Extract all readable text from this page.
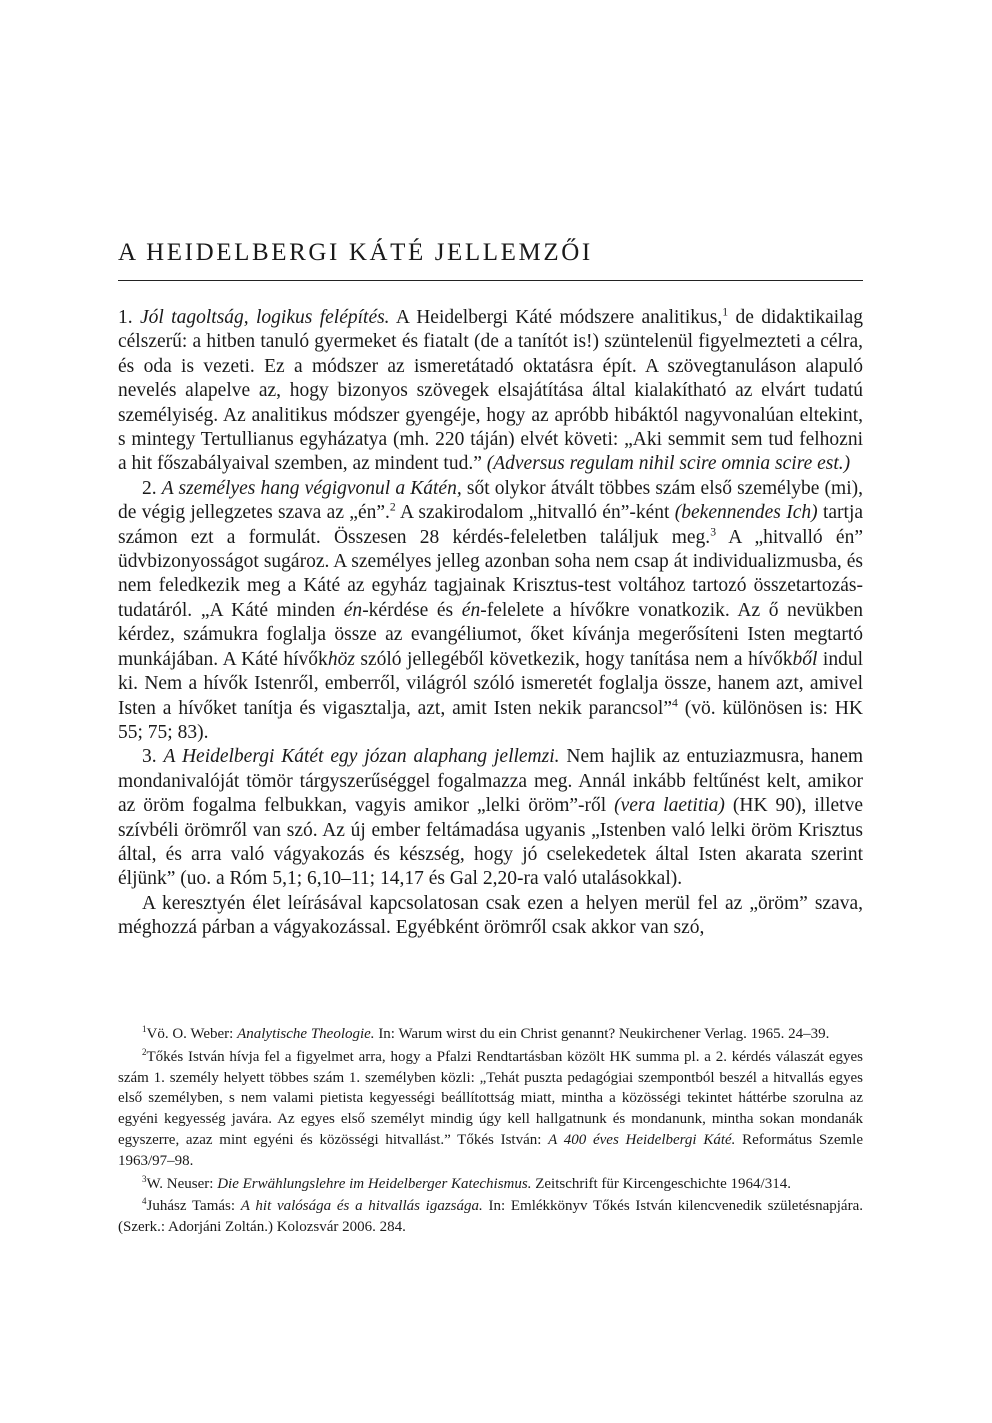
A HEIDELBERGI KÁTÉ JELLEMZŐI

1. Jól tagoltság, logikus felépítés. A Heidelbergi Káté módszere analitikus,$^1$ de didaktikailag célszerű: a hitben tanuló gyermeket és fiatalt (de a tanítót is!) szüntelenül figyelmezteti a célra, és oda is vezeti. Ez a módszer az ismeretátadó oktatásra épít. A szövegtanuláson alapuló nevelés alapelve az, hogy bizonyos szövegek elsajátítása által kialakítható az elvárt tudatú személyiség. Az analitikus módszer gyengéje, hogy az apróbb hibáktól nagyvonalúan eltekint, s mintegy Tertullianus egyházatya (mh. 220 táján) elvét követi: „Aki semmit sem tud felhozni a hit főszabályaival szemben, az mindent tud.” (Adversus regulam nihil scire omnia scire est.)

2. A személyes hang végigvonul a Kátén, sőt olykor átvált többes szám első személybe (mi), de végig jellegzetes szava az „én”.$^2$ A szakirodalom „hitvalló én”-ként (bekennendes Ich) tartja számon ezt a formulát. Összesen 28 kérdés-feleletben találjuk meg.$^3$ A „hitvalló én” üdvbizonyosságot sugároz. A személyes jelleg azonban soha nem csap át individualizmusba, és nem feledkezik meg a Káté az egyház tagjainak Krisztus-test voltához tartozó összetartozás-tudatáról. „A Káté minden én-kérdése és én-felelete a hívőkre vonatkozik. Az ő nevükben kérdez, számukra foglalja össze az evangéliumot, őket kívánja megerősíteni Isten megtartó munkájában. A Káté hívőkhöz szóló jellegéből következik, hogy tanítása nem a hívőkből indul ki. Nem a hívők Istenről, emberről, világról szóló ismeretét foglalja össze, hanem azt, amivel Isten a hívőket tanítja és vigasztalja, azt, amit Isten nekik parancsol”$^4$ (vö. különösen is: HK 55; 75; 83).

3. A Heidelbergi Kátét egy józan alaphang jellemzi. Nem hajlik az entuziazmusra, hanem mondanivalóját tömör tárgyszerűséggel fogalmazza meg. Annál inkább feltűnést kelt, amikor az öröm fogalma felbukkan, vagyis amikor „lelki öröm”-ről (vera laetitia) (HK 90), illetve szívbéli örömről van szó. Az új ember feltámadása ugyanis „Istenben való lelki öröm Krisztus által, és arra való vágyakozás és készség, hogy jó cselekedetek által Isten akarata szerint éljünk” (uo. a Róm 5,1; 6,10–11; 14,17 és Gal 2,20-ra való utalásokkal).

A keresztyén élet leírásával kapcsolatosan csak ezen a helyen merül fel az „öröm” szava, méghozzá párban a vágyakozással. Egyébként örömről csak akkor van szó,

$^1$Vö. O. Weber: Analytische Theologie. In: Warum wirst du ein Christ genannt? Neukirchener Verlag. 1965. 24–39.

$^2$Tőkés István hívja fel a figyelmet arra, hogy a Pfalzi Rendtartásban közölt HK summa pl. a 2. kérdés válaszát egyes szám 1. személy helyett többes szám 1. személyben közli: „Tehát puszta pedagógiai szempontból beszél a hitvallás egyes első személyben, s nem valami pietista kegyességi beállítottság miatt, mintha a közösségi tekintet háttérbe szorulna az egyéni kegyesség javára. Az egyes első személyt mindig úgy kell hallgatnunk és mondanunk, mintha sokan mondanák egyszerre, azaz mint egyéni és közösségi hitvallást.” Tőkés István: A 400 éves Heidelbergi Káté. Református Szemle 1963/97–98.

$^3$W. Neuser: Die Erwählungslehre im Heidelberger Katechismus. Zeitschrift für Kircengeschichte 1964/314.

$^4$Juhász Tamás: A hit valósága és a hitvallás igazsága. In: Emlékkönyv Tőkés István kilencvenedik születésnapjára. (Szerk.: Adorjáni Zoltán.) Kolozsvár 2006. 284.
